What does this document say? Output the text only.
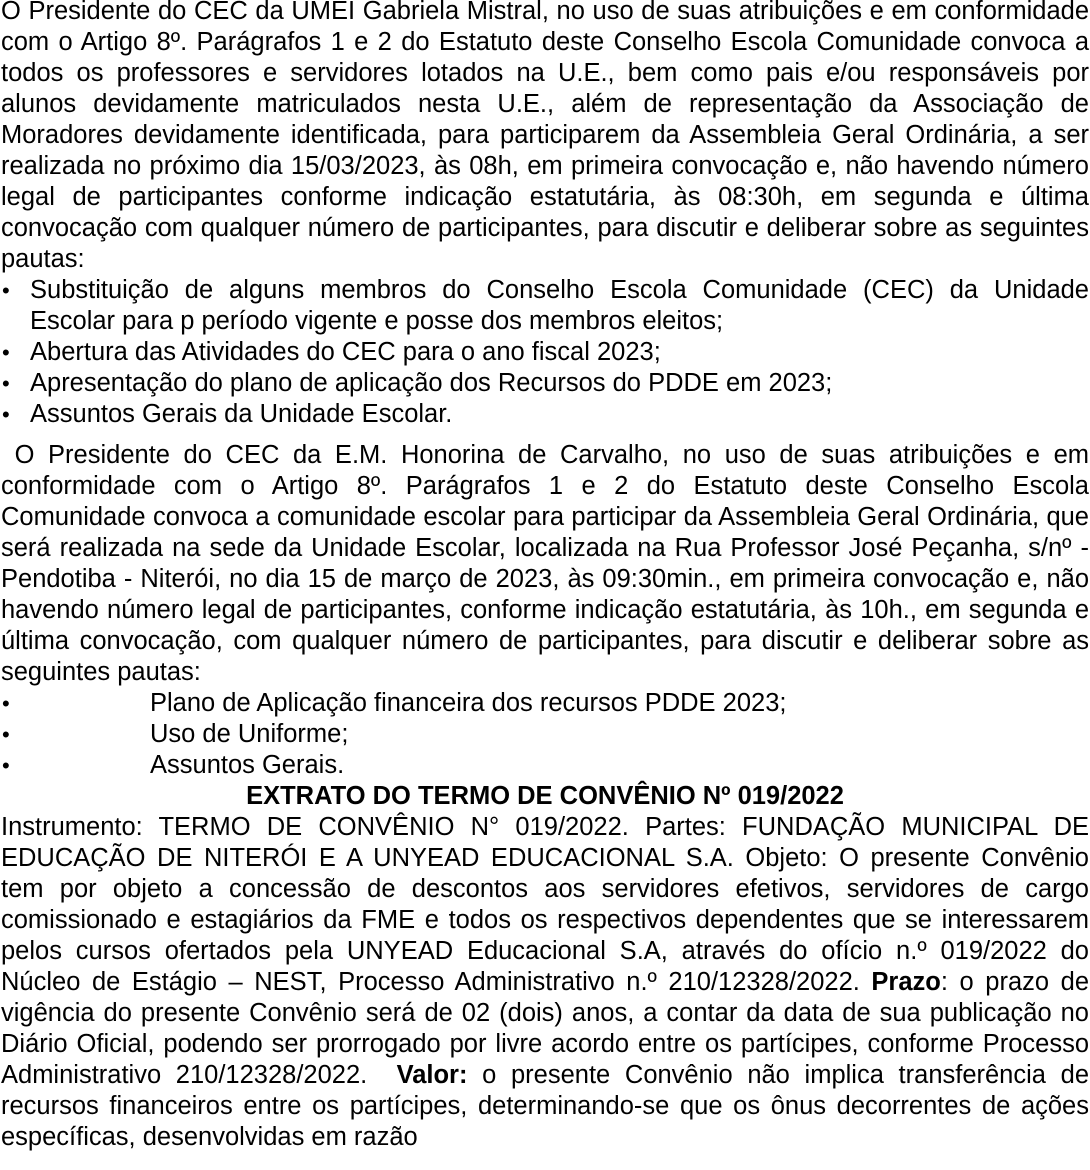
O Presidente do CEC da UMEI Gabriela Mistral, no uso de suas atribuições e em conformidade com o Artigo 8º. Parágrafos 1 e 2 do Estatuto deste Conselho Escola Comunidade convoca a todos os professores e servidores lotados na U.E., bem como pais e/ou responsáveis por alunos devidamente matriculados nesta U.E., além de representação da Associação de Moradores devidamente identificada, para participarem da Assembleia Geral Ordinária, a ser realizada no próximo dia 15/03/2023, às 08h, em primeira convocação e, não havendo número legal de participantes conforme indicação estatutária, às 08:30h, em segunda e última convocação com qualquer número de participantes, para discutir e deliberar sobre as seguintes pautas:

• Substituição de alguns membros do Conselho Escola Comunidade (CEC) da Unidade Escolar para p período vigente e posse dos membros eleitos;
• Abertura das Atividades do CEC para o ano fiscal 2023;
• Apresentação do plano de aplicação dos Recursos do PDDE em 2023;
• Assuntos Gerais da Unidade Escolar.

O Presidente do CEC da E.M. Honorina de Carvalho, no uso de suas atribuições e em conformidade com o Artigo 8º. Parágrafos 1 e 2 do Estatuto deste Conselho Escola Comunidade convoca a comunidade escolar para participar da Assembleia Geral Ordinária, que será realizada na sede da Unidade Escolar, localizada na Rua Professor José Peçanha, s/nº - Pendotiba - Niterói, no dia 15 de março de 2023, às 09:30min., em primeira convocação e, não havendo número legal de participantes, conforme indicação estatutária, às 10h., em segunda e última convocação, com qualquer número de participantes, para discutir e deliberar sobre as seguintes pautas:

• Plano de Aplicação financeira dos recursos PDDE 2023;
• Uso de Uniforme;
• Assuntos Gerais.

EXTRATO DO TERMO DE CONVÊNIO Nº 019/2022

Instrumento: TERMO DE CONVÊNIO N° 019/2022. Partes: FUNDAÇÃO MUNICIPAL DE EDUCAÇÃO DE NITERÓI E A UNYEAD EDUCACIONAL S.A. Objeto: O presente Convênio tem por objeto a concessão de descontos aos servidores efetivos, servidores de cargo comissionado e estagiários da FME e todos os respectivos dependentes que se interessarem pelos cursos ofertados pela UNYEAD Educacional S.A, através do ofício n.º 019/2022 do Núcleo de Estágio – NEST, Processo Administrativo n.º 210/12328/2022. Prazo: o prazo de vigência do presente Convênio será de 02 (dois) anos, a contar da data de sua publicação no Diário Oficial, podendo ser prorrogado por livre acordo entre os partícipes, conforme Processo Administrativo 210/12328/2022.  Valor: o presente Convênio não implica transferência de recursos financeiros entre os partícipes, determinando-se que os ônus decorrentes de ações específicas, desenvolvidas em razão
